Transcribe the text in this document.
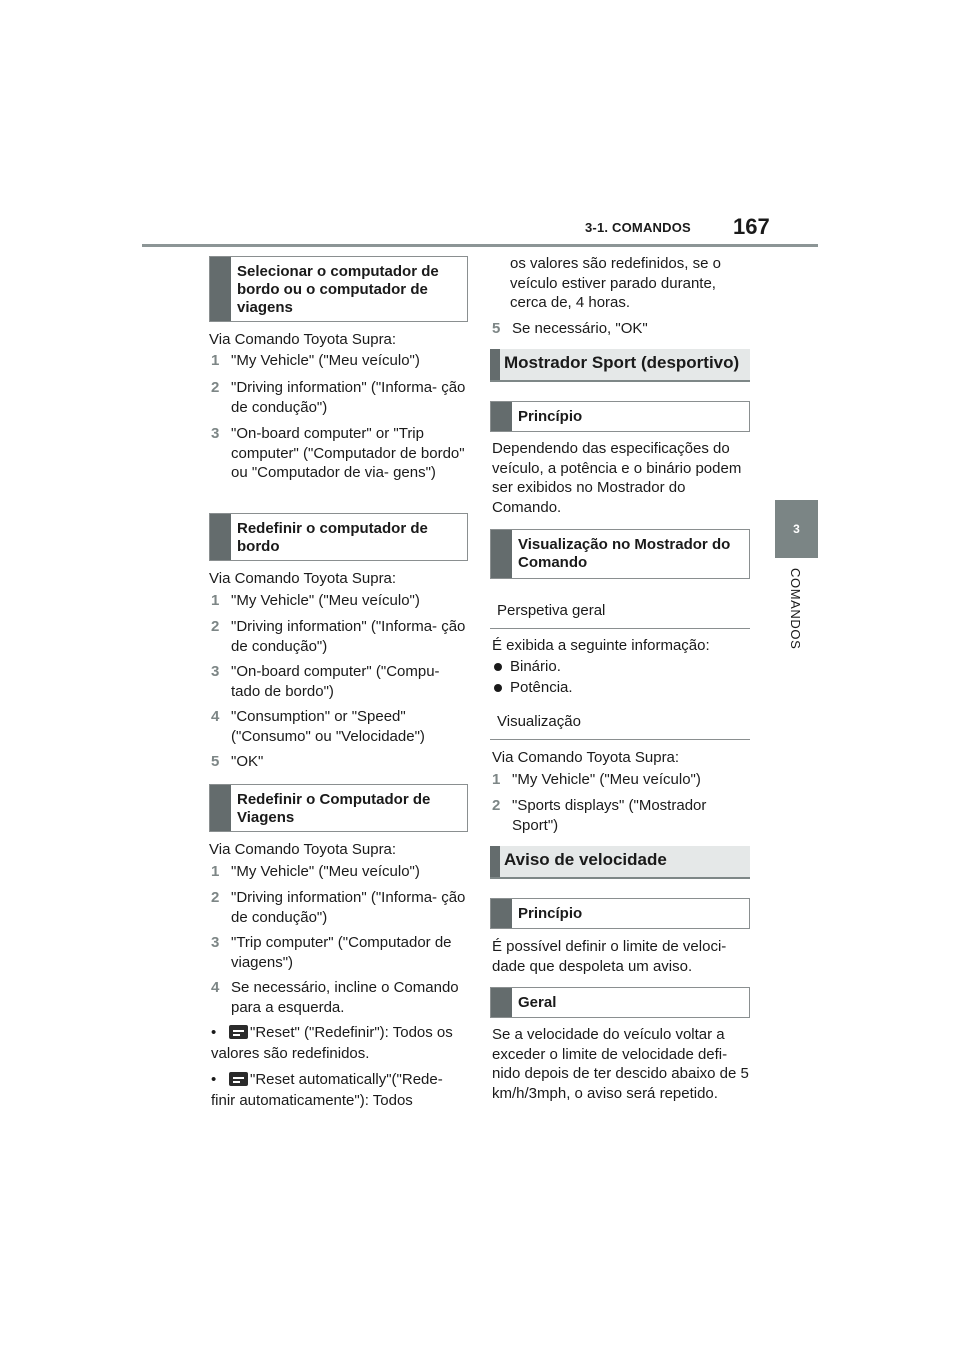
3-1. COMANDOS 167
3
COMANDOS
Selecionar o computador de bordo ou o computador de viagens
Via Comando Toyota Supra:
1 "My Vehicle" ("Meu veículo")
2 "Driving information" ("Informa- ção de condução")
3 "On-board computer" or "Trip computer" ("Computador de bordo" ou "Computador de via- gens")
Redefinir o computador de bordo
Via Comando Toyota Supra:
1 "My Vehicle" ("Meu veículo")
2 "Driving information" ("Informa- ção de condução")
3 "On-board computer" ("Compu- tado de bordo")
4 "Consumption" or "Speed" ("Consumo" ou "Velocidade")
5 "OK"
Redefinir o Computador de Viagens
Via Comando Toyota Supra:
1 "My Vehicle" ("Meu veículo")
2 "Driving information" ("Informa- ção de condução")
3 "Trip computer" ("Computador de viagens")
4 Se necessário, incline o Comando para a esquerda.
• "Reset" ("Redefinir"): Todos os valores são redefinidos.
• "Reset automatically"("Rede- finir automaticamente"): Todos
os valores são redefinidos, se o veículo estiver parado durante, cerca de, 4 horas.
5 Se necessário, "OK"
Mostrador Sport (desportivo)
Princípio
Dependendo das especificações do veículo, a potência e o binário podem ser exibidos no Mostrador do Comando.
Visualização no Mostrador do Comando
Perspetiva geral
É exibida a seguinte informação:
Binário.
Potência.
Visualização
Via Comando Toyota Supra:
1 "My Vehicle" ("Meu veículo")
2 "Sports displays" ("Mostrador Sport")
Aviso de velocidade
Princípio
É possível definir o limite de veloci- dade que despoleta um aviso.
Geral
Se a velocidade do veículo voltar a exceder o limite de velocidade defi- nido depois de ter descido abaixo de 5 km/h/3mph, o aviso será repetido.
